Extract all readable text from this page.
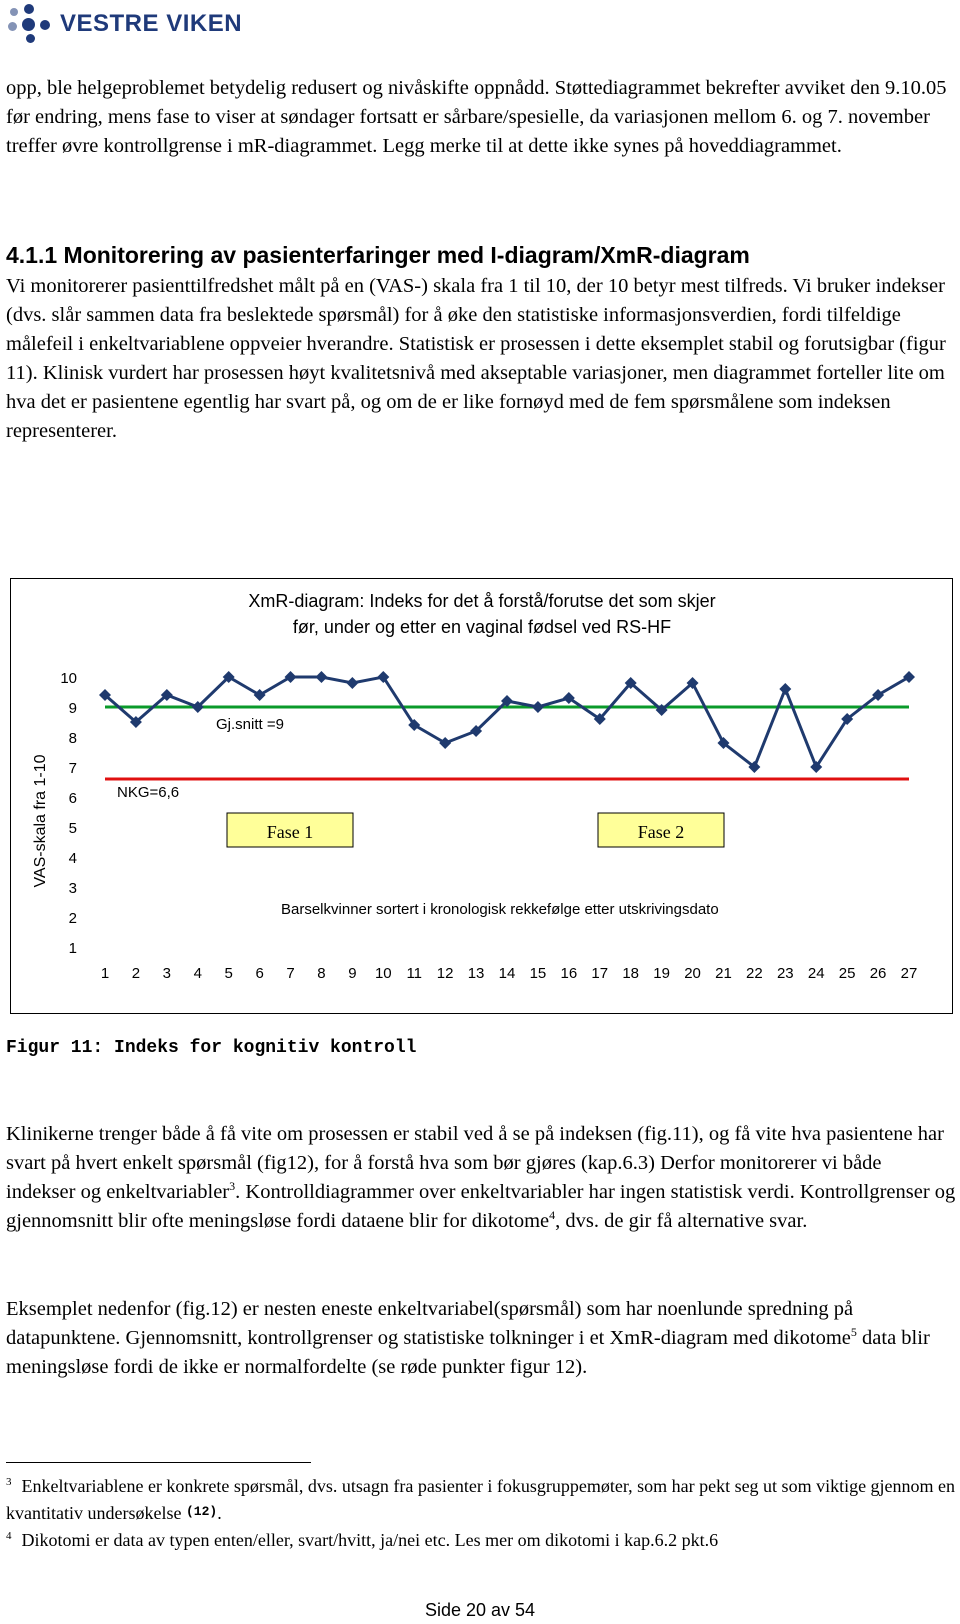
VESTRE VIKEN

opp, ble helgeproblemet betydelig redusert og nivåskifte oppnådd. Støttediagrammet bekrefter avviket den 9.10.05 før endring, mens fase to viser at søndager fortsatt er sårbare/spesielle, da variasjonen mellom 6. og 7. november treffer øvre kontrollgrense i mR-diagrammet. Legg merke til at dette ikke synes på hoveddiagrammet.

4.1.1 Monitorering av pasienterfaringer med I-diagram/XmR-diagram

Vi monitorerer pasienttilfredshet målt på en (VAS-) skala fra 1 til 10, der 10 betyr mest tilfreds. Vi bruker indekser (dvs. slår sammen data fra beslektede spørsmål) for å øke den statistiske informasjonsverdien, fordi tilfeldige målefeil i enkeltvariablene oppveier hverandre. Statistisk er prosessen i dette eksemplet stabil og forutsigbar (figur 11). Klinisk vurdert har prosessen høyt kvalitetsnivå med akseptable variasjoner, men diagrammet forteller lite om hva det er pasientene egentlig har svart på, og om de er like fornøyd med de fem spørsmålene som indeksen representerer.

XmR-diagram: Indeks for det å forstå/forutse det som skjer
før, under og etter en vaginal fødsel ved RS-HF
VAS-skala fra 1-10
1
2
3
4
5
6
7
8
9
10
1 2 3 4 5 6 7 8 9 10 11 12 13 14 15 16 17 18 19 20 21 22 23 24 25 26 27
Gj.snitt =9
NKG=6,6
Fase 1	Fase 2
Barselkvinner sortert i kronologisk rekkefølge etter utskrivingsdato
Figur 11: Indeks for kognitiv kontroll

Klinikerne trenger både å få vite om prosessen er stabil ved å se på indeksen (fig.11), og få vite hva pasientene har svart på hvert enkelt spørsmål (fig12), for å forstå hva som bør gjøres (kap.6.3) Derfor monitorerer vi både indekser og enkeltvariabler$^3$. Kontrolldiagrammer over enkeltvariabler har ingen statistisk verdi. Kontrollgrenser og gjennomsnitt blir ofte meningsløse fordi dataene blir for dikotome$^4$, dvs. de gir få alternative svar.

Eksemplet nedenfor (fig.12) er nesten eneste enkeltvariabel(spørsmål) som har noenlunde spredning på datapunktene. Gjennomsnitt, kontrollgrenser og statistiske tolkninger i et XmR-diagram med dikotome$^5$ data blir meningsløse fordi de ikke er normalfordelte (se røde punkter figur 12).

$^3$ Enkeltvariablene er konkrete spørsmål, dvs. utsagn fra pasienter i fokusgruppemøter, som har pekt seg ut som viktige gjennom en kvantitativ undersøkelse $^{(12)}$.

$^4$ Dikotomi er data av typen enten/eller, svart/hvitt, ja/nei etc. Les mer om dikotomi i kap.6.2 pkt.6

Side 20 av 54
